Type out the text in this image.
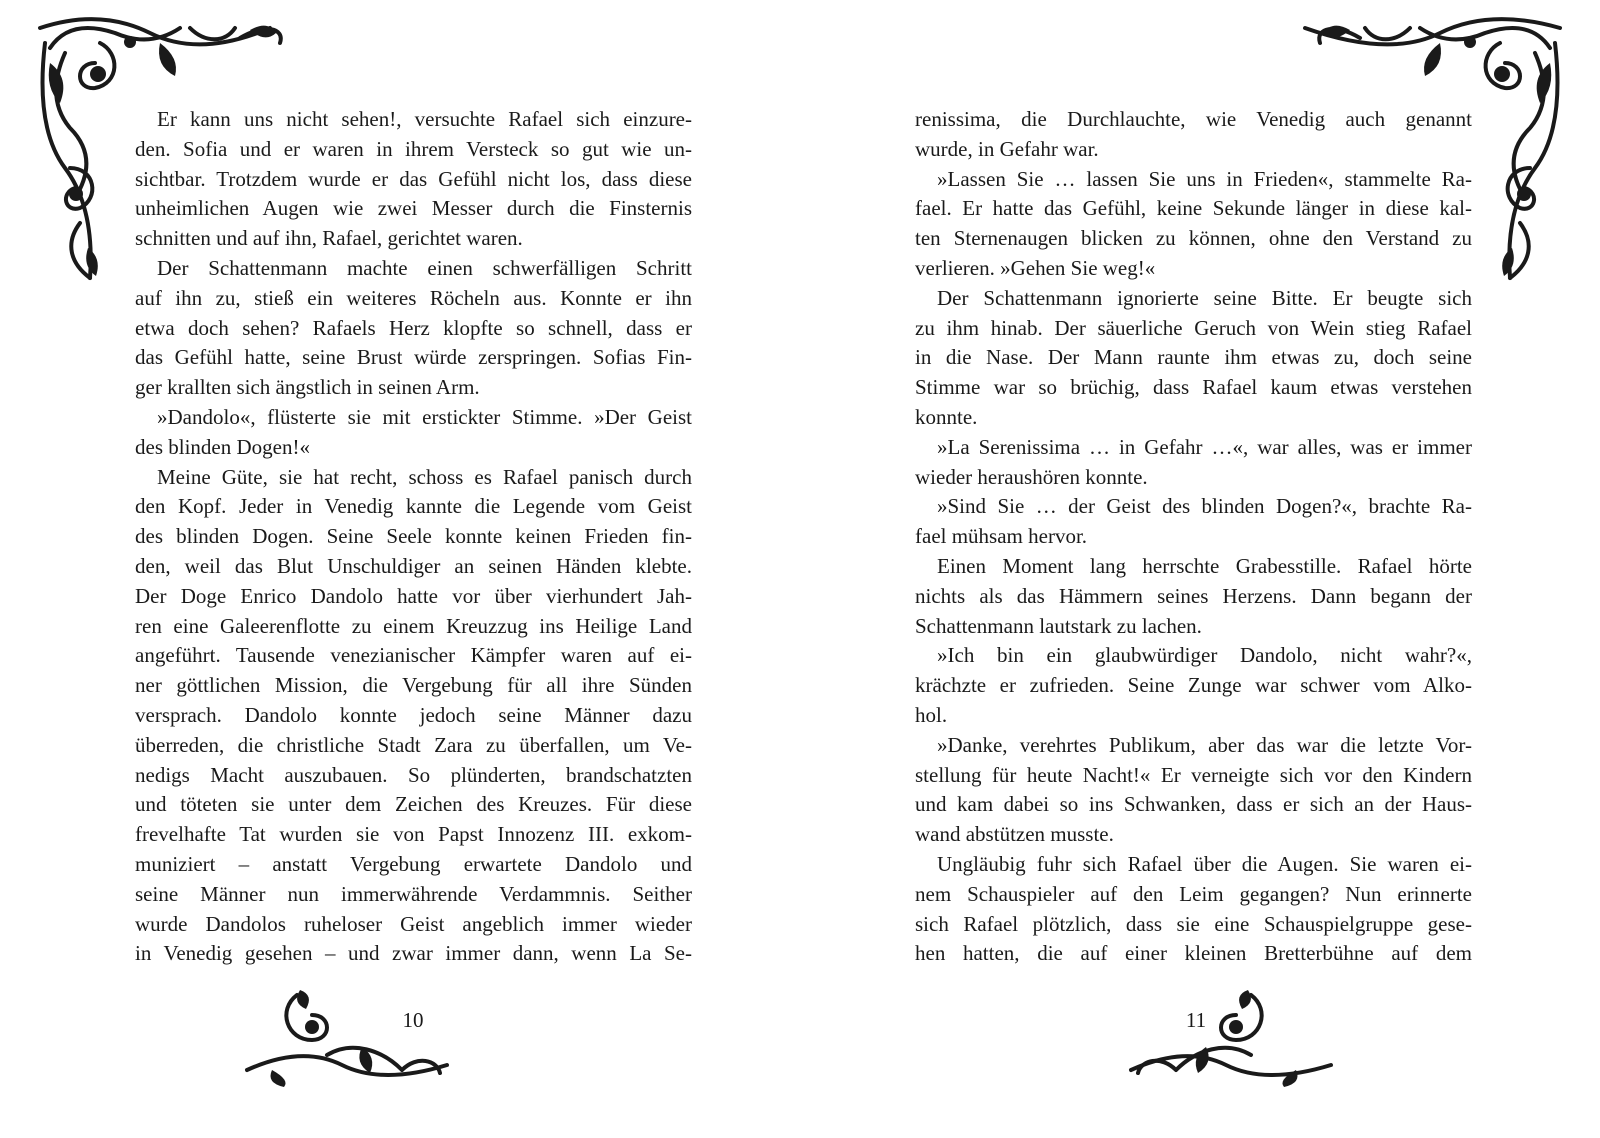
Er kann uns nicht sehen!, versuchte Rafael sich einzure-
den. Sofia und er waren in ihrem Versteck so gut wie un-
sichtbar. Trotzdem wurde er das Gefühl nicht los, dass diese
unheimlichen Augen wie zwei Messer durch die Finsternis
schnitten und auf ihn, Rafael, gerichtet waren.
Der Schattenmann machte einen schwerfälligen Schritt
auf ihn zu, stieß ein weiteres Röcheln aus. Konnte er ihn
etwa doch sehen? Rafaels Herz klopfte so schnell, dass er
das Gefühl hatte, seine Brust würde zerspringen. Sofias Fin-
ger krallten sich ängstlich in seinen Arm.
»Dandolo«, flüsterte sie mit erstickter Stimme. »Der Geist
des blinden Dogen!«
Meine Güte, sie hat recht, schoss es Rafael panisch durch
den Kopf. Jeder in Venedig kannte die Legende vom Geist
des blinden Dogen. Seine Seele konnte keinen Frieden fin-
den, weil das Blut Unschuldiger an seinen Händen klebte.
Der Doge Enrico Dandolo hatte vor über vierhundert Jah-
ren eine Galeerenflotte zu einem Kreuzzug ins Heilige Land
angeführt. Tausende venezianischer Kämpfer waren auf ei-
ner göttlichen Mission, die Vergebung für all ihre Sünden
versprach. Dandolo konnte jedoch seine Männer dazu
überreden, die christliche Stadt Zara zu überfallen, um Ve-
nedigs Macht auszubauen. So plünderten, brandschatzten
und töteten sie unter dem Zeichen des Kreuzes. Für diese
frevelhafte Tat wurden sie von Papst Innozenz III. exkom-
muniziert – anstatt Vergebung erwartete Dandolo und
seine Männer nun immerwährende Verdammnis. Seither
wurde Dandolos ruheloser Geist angeblich immer wieder
in Venedig gesehen – und zwar immer dann, wenn La Se-
10
renissima, die Durchlauchte, wie Venedig auch genannt
wurde, in Gefahr war.
»Lassen Sie … lassen Sie uns in Frieden«, stammelte Ra-
fael. Er hatte das Gefühl, keine Sekunde länger in diese kal-
ten Sternenaugen blicken zu können, ohne den Verstand zu
verlieren. »Gehen Sie weg!«
Der Schattenmann ignorierte seine Bitte. Er beugte sich
zu ihm hinab. Der säuerliche Geruch von Wein stieg Rafael
in die Nase. Der Mann raunte ihm etwas zu, doch seine
Stimme war so brüchig, dass Rafael kaum etwas verstehen
konnte.
»La Serenissima … in Gefahr …«, war alles, was er immer
wieder heraushören konnte.
»Sind Sie … der Geist des blinden Dogen?«, brachte Ra-
fael mühsam hervor.
Einen Moment lang herrschte Grabesstille. Rafael hörte
nichts als das Hämmern seines Herzens. Dann begann der
Schattenmann lautstark zu lachen.
»Ich bin ein glaubwürdiger Dandolo, nicht wahr?«,
krächzte er zufrieden. Seine Zunge war schwer vom Alko-
hol.
»Danke, verehrtes Publikum, aber das war die letzte Vor-
stellung für heute Nacht!« Er verneigte sich vor den Kindern
und kam dabei so ins Schwanken, dass er sich an der Haus-
wand abstützen musste.
Ungläubig fuhr sich Rafael über die Augen. Sie waren ei-
nem Schauspieler auf den Leim gegangen? Nun erinnerte
sich Rafael plötzlich, dass sie eine Schauspielgruppe gese-
hen hatten, die auf einer kleinen Bretterbühne auf dem
11
